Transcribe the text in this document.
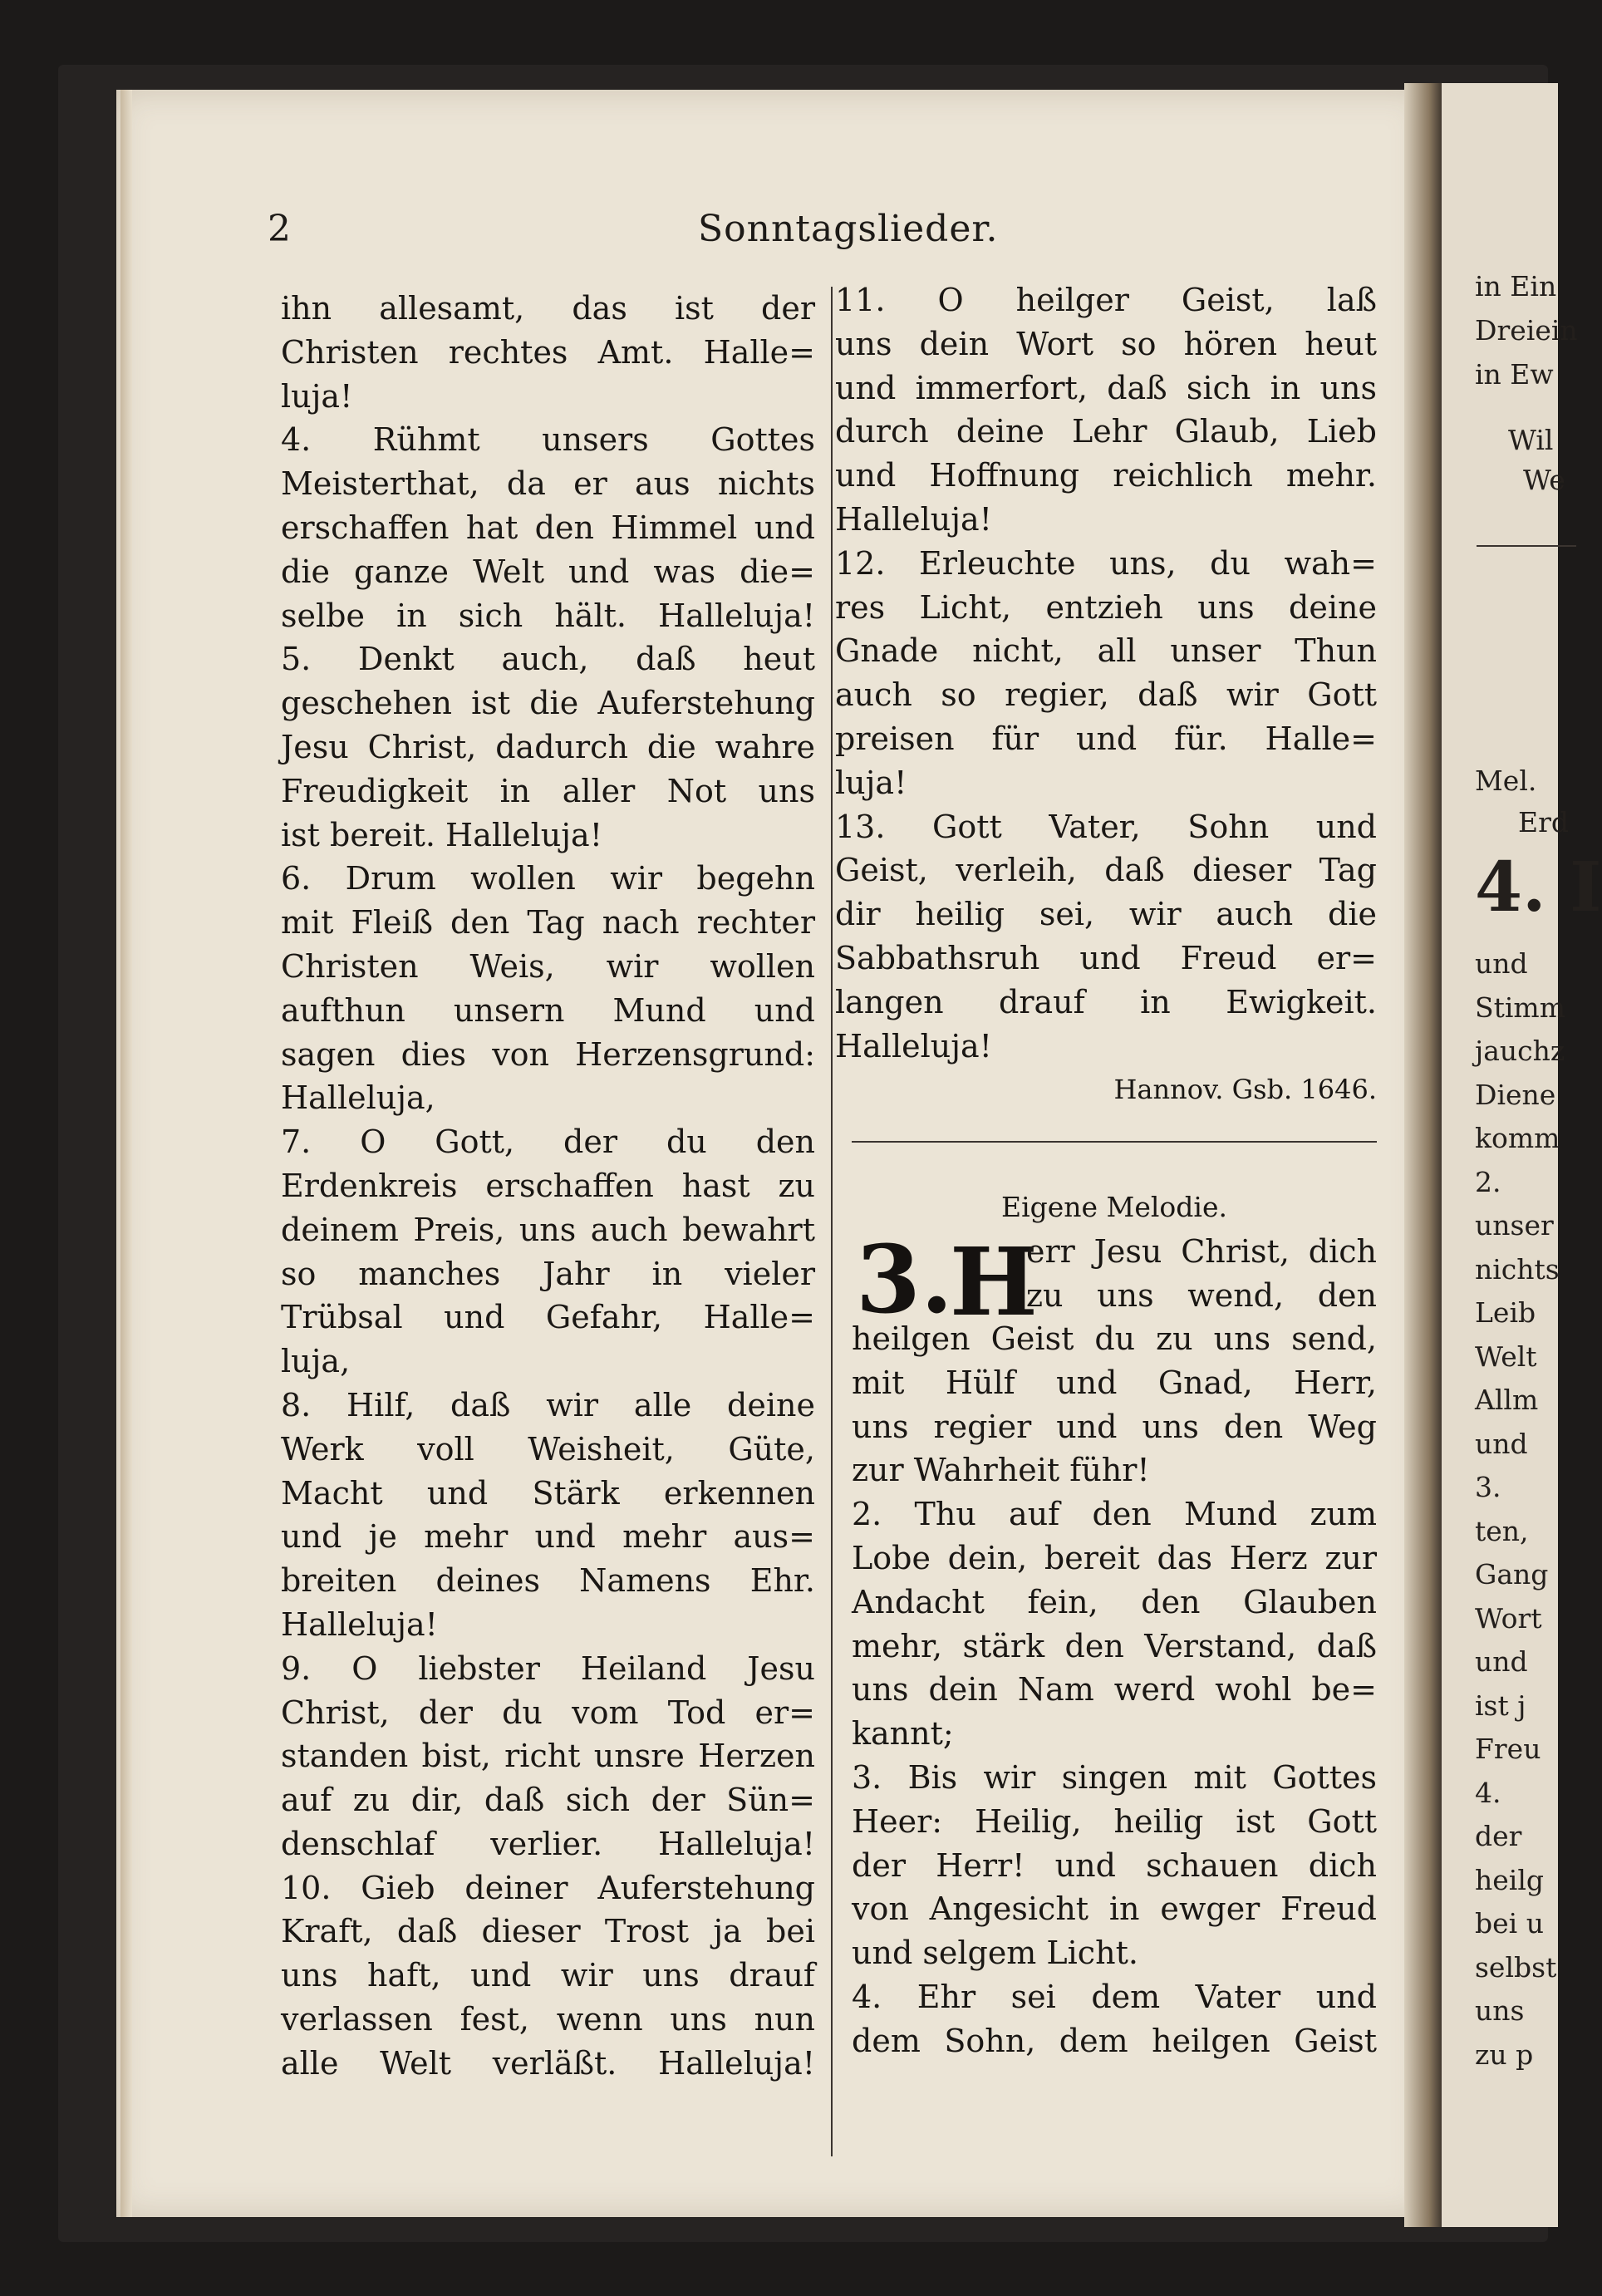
in Ein
Dreiein
in Ew
Wil
We
Mel.
Erd
4. I
und
Stimm
jauchz
Diene
komm
2.
unser
nichts
Leib
Welt
Allm
und
3.
ten,
Gang
Wort
und
ist j
Freu
4.
der
heilg
bei u
selbst
uns
zu p
2	Sonntagslieder.
ihn allesamt, das ist der
Christen rechtes Amt. Halle=
luja!
4. Rühmt unsers Gottes
Meisterthat, da er aus nichts
erschaffen hat den Himmel und
die ganze Welt und was die=
selbe in sich hält. Halleluja!
5. Denkt auch, daß heut
geschehen ist die Auferstehung
Jesu Christ, dadurch die wahre
Freudigkeit in aller Not uns
ist bereit. Halleluja!
6. Drum wollen wir begehn
mit Fleiß den Tag nach rechter
Christen Weis, wir wollen
aufthun unsern Mund und
sagen dies von Herzensgrund:
Halleluja,
7. O Gott, der du den
Erdenkreis erschaffen hast zu
deinem Preis, uns auch bewahrt
so manches Jahr in vieler
Trübsal und Gefahr, Halle=
luja,
8. Hilf, daß wir alle deine
Werk voll Weisheit, Güte,
Macht und Stärk erkennen
und je mehr und mehr aus=
breiten deines Namens Ehr.
Halleluja!
9. O liebster Heiland Jesu
Christ, der du vom Tod er=
standen bist, richt unsre Herzen
auf zu dir, daß sich der Sün=
denschlaf verlier. Halleluja!
10. Gieb deiner Auferstehung
Kraft, daß dieser Trost ja bei
uns haft, und wir uns drauf
verlassen fest, wenn uns nun
alle Welt verläßt. Halleluja!
11. O heilger Geist, laß
uns dein Wort so hören heut
und immerfort, daß sich in uns
durch deine Lehr Glaub, Lieb
und Hoffnung reichlich mehr.
Halleluja!
12. Erleuchte uns, du wah=
res Licht, entzieh uns deine
Gnade nicht, all unser Thun
auch so regier, daß wir Gott
preisen für und für. Halle=
luja!
13. Gott Vater, Sohn und
Geist, verleih, daß dieser Tag
dir heilig sei, wir auch die
Sabbathsruh und Freud er=
langen drauf in Ewigkeit.
Halleluja!
Hannov. Gsb. 1646.
Eigene Melodie.
3.
H
err Jesu Christ, dich
zu uns wend, den
heilgen Geist du zu uns send,
mit Hülf und Gnad, Herr,
uns regier und uns den Weg
zur Wahrheit führ!
2. Thu auf den Mund zum
Lobe dein, bereit das Herz zur
Andacht fein, den Glauben
mehr, stärk den Verstand, daß
uns dein Nam werd wohl be=
kannt;
3. Bis wir singen mit Gottes
Heer: Heilig, heilig ist Gott
der Herr! und schauen dich
von Angesicht in ewger Freud
und selgem Licht.
4. Ehr sei dem Vater und
dem Sohn, dem heilgen Geist
